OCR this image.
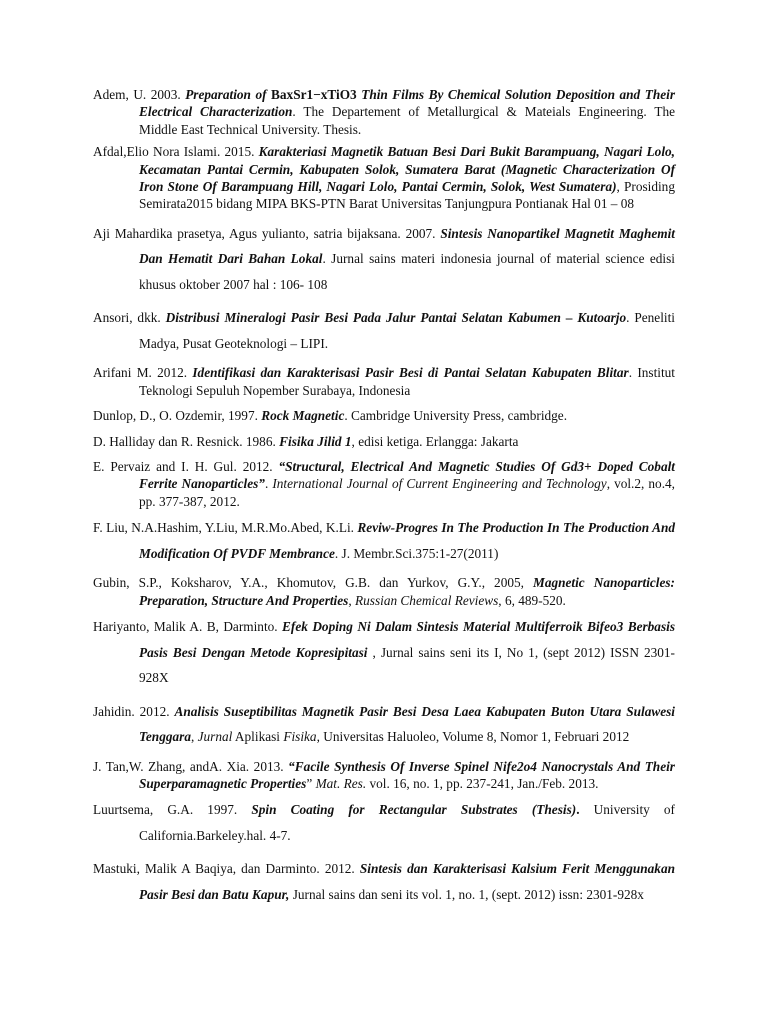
Adem, U. 2003. Preparation of BaxSr1−xTiO3 Thin Films By Chemical Solution Deposition and Their Electrical Characterization. The Departement of Metallurgical & Mateials Engineering. The Middle East Technical University. Thesis.

Afdal,Elio Nora Islami. 2015. Karakteriasi Magnetik Batuan Besi Dari Bukit Barampuang, Nagari Lolo, Kecamatan Pantai Cermin, Kabupaten Solok, Sumatera Barat (Magnetic Characterization Of Iron Stone Of Barampuang Hill, Nagari Lolo, Pantai Cermin, Solok, West Sumatera), Prosiding Semirata2015 bidang MIPA BKS-PTN Barat Universitas Tanjungpura Pontianak Hal 01 – 08

Aji Mahardika prasetya, Agus yulianto, satria bijaksana. 2007. Sintesis Nanopartikel Magnetit Maghemit Dan Hematit Dari Bahan Lokal. Jurnal sains materi indonesia journal of material science edisi khusus oktober 2007 hal : 106- 108

Ansori, dkk. Distribusi Mineralogi Pasir Besi Pada Jalur Pantai Selatan Kabumen – Kutoarjo. Peneliti Madya, Pusat Geoteknologi – LIPI.

Arifani M. 2012. Identifikasi dan Karakterisasi Pasir Besi di Pantai Selatan Kabupaten Blitar. Institut Teknologi Sepuluh Nopember Surabaya, Indonesia

Dunlop, D., O. Ozdemir, 1997. Rock Magnetic. Cambridge University Press, cambridge.

D. Halliday dan R. Resnick. 1986. Fisika Jilid 1, edisi ketiga. Erlangga: Jakarta

E. Pervaiz and I. H. Gul. 2012. “Structural, Electrical And Magnetic Studies Of Gd3+ Doped Cobalt Ferrite Nanoparticles”. International Journal of Current Engineering and Technology, vol.2, no.4, pp. 377-387, 2012.

F. Liu, N.A.Hashim, Y.Liu, M.R.Mo.Abed, K.Li. Reviw-Progres In The Production In The Production And Modification Of PVDF Membrance. J. Membr.Sci.375:1-27(2011)

Gubin, S.P., Koksharov, Y.A., Khomutov, G.B. dan Yurkov, G.Y., 2005, Magnetic Nanoparticles: Preparation, Structure And Properties, Russian Chemical Reviews, 6, 489-520.

Hariyanto, Malik A. B, Darminto. Efek Doping Ni Dalam Sintesis Material Multiferroik Bifeo3 Berbasis Pasis Besi Dengan Metode Kopresipitasi , Jurnal sains seni its I, No 1, (sept 2012) ISSN 2301-928X

Jahidin. 2012. Analisis Suseptibilitas Magnetik Pasir Besi Desa Laea Kabupaten Buton Utara Sulawesi Tenggara, Jurnal Aplikasi Fisika, Universitas Haluoleo, Volume 8, Nomor 1, Februari 2012

J. Tan,W. Zhang, andA. Xia. 2013. “Facile Synthesis Of Inverse Spinel Nife2o4 Nanocrystals And Their Superparamagnetic Properties” Mat. Res. vol. 16, no. 1, pp. 237-241, Jan./Feb. 2013.

Luurtsema, G.A. 1997. Spin Coating for Rectangular Substrates (Thesis). University of California.Barkeley.hal. 4-7.

Mastuki, Malik A Baqiya, dan Darminto. 2012. Sintesis dan Karakterisasi Kalsium Ferit Menggunakan Pasir Besi dan Batu Kapur, Jurnal sains dan seni its vol. 1, no. 1, (sept. 2012) issn: 2301-928x
